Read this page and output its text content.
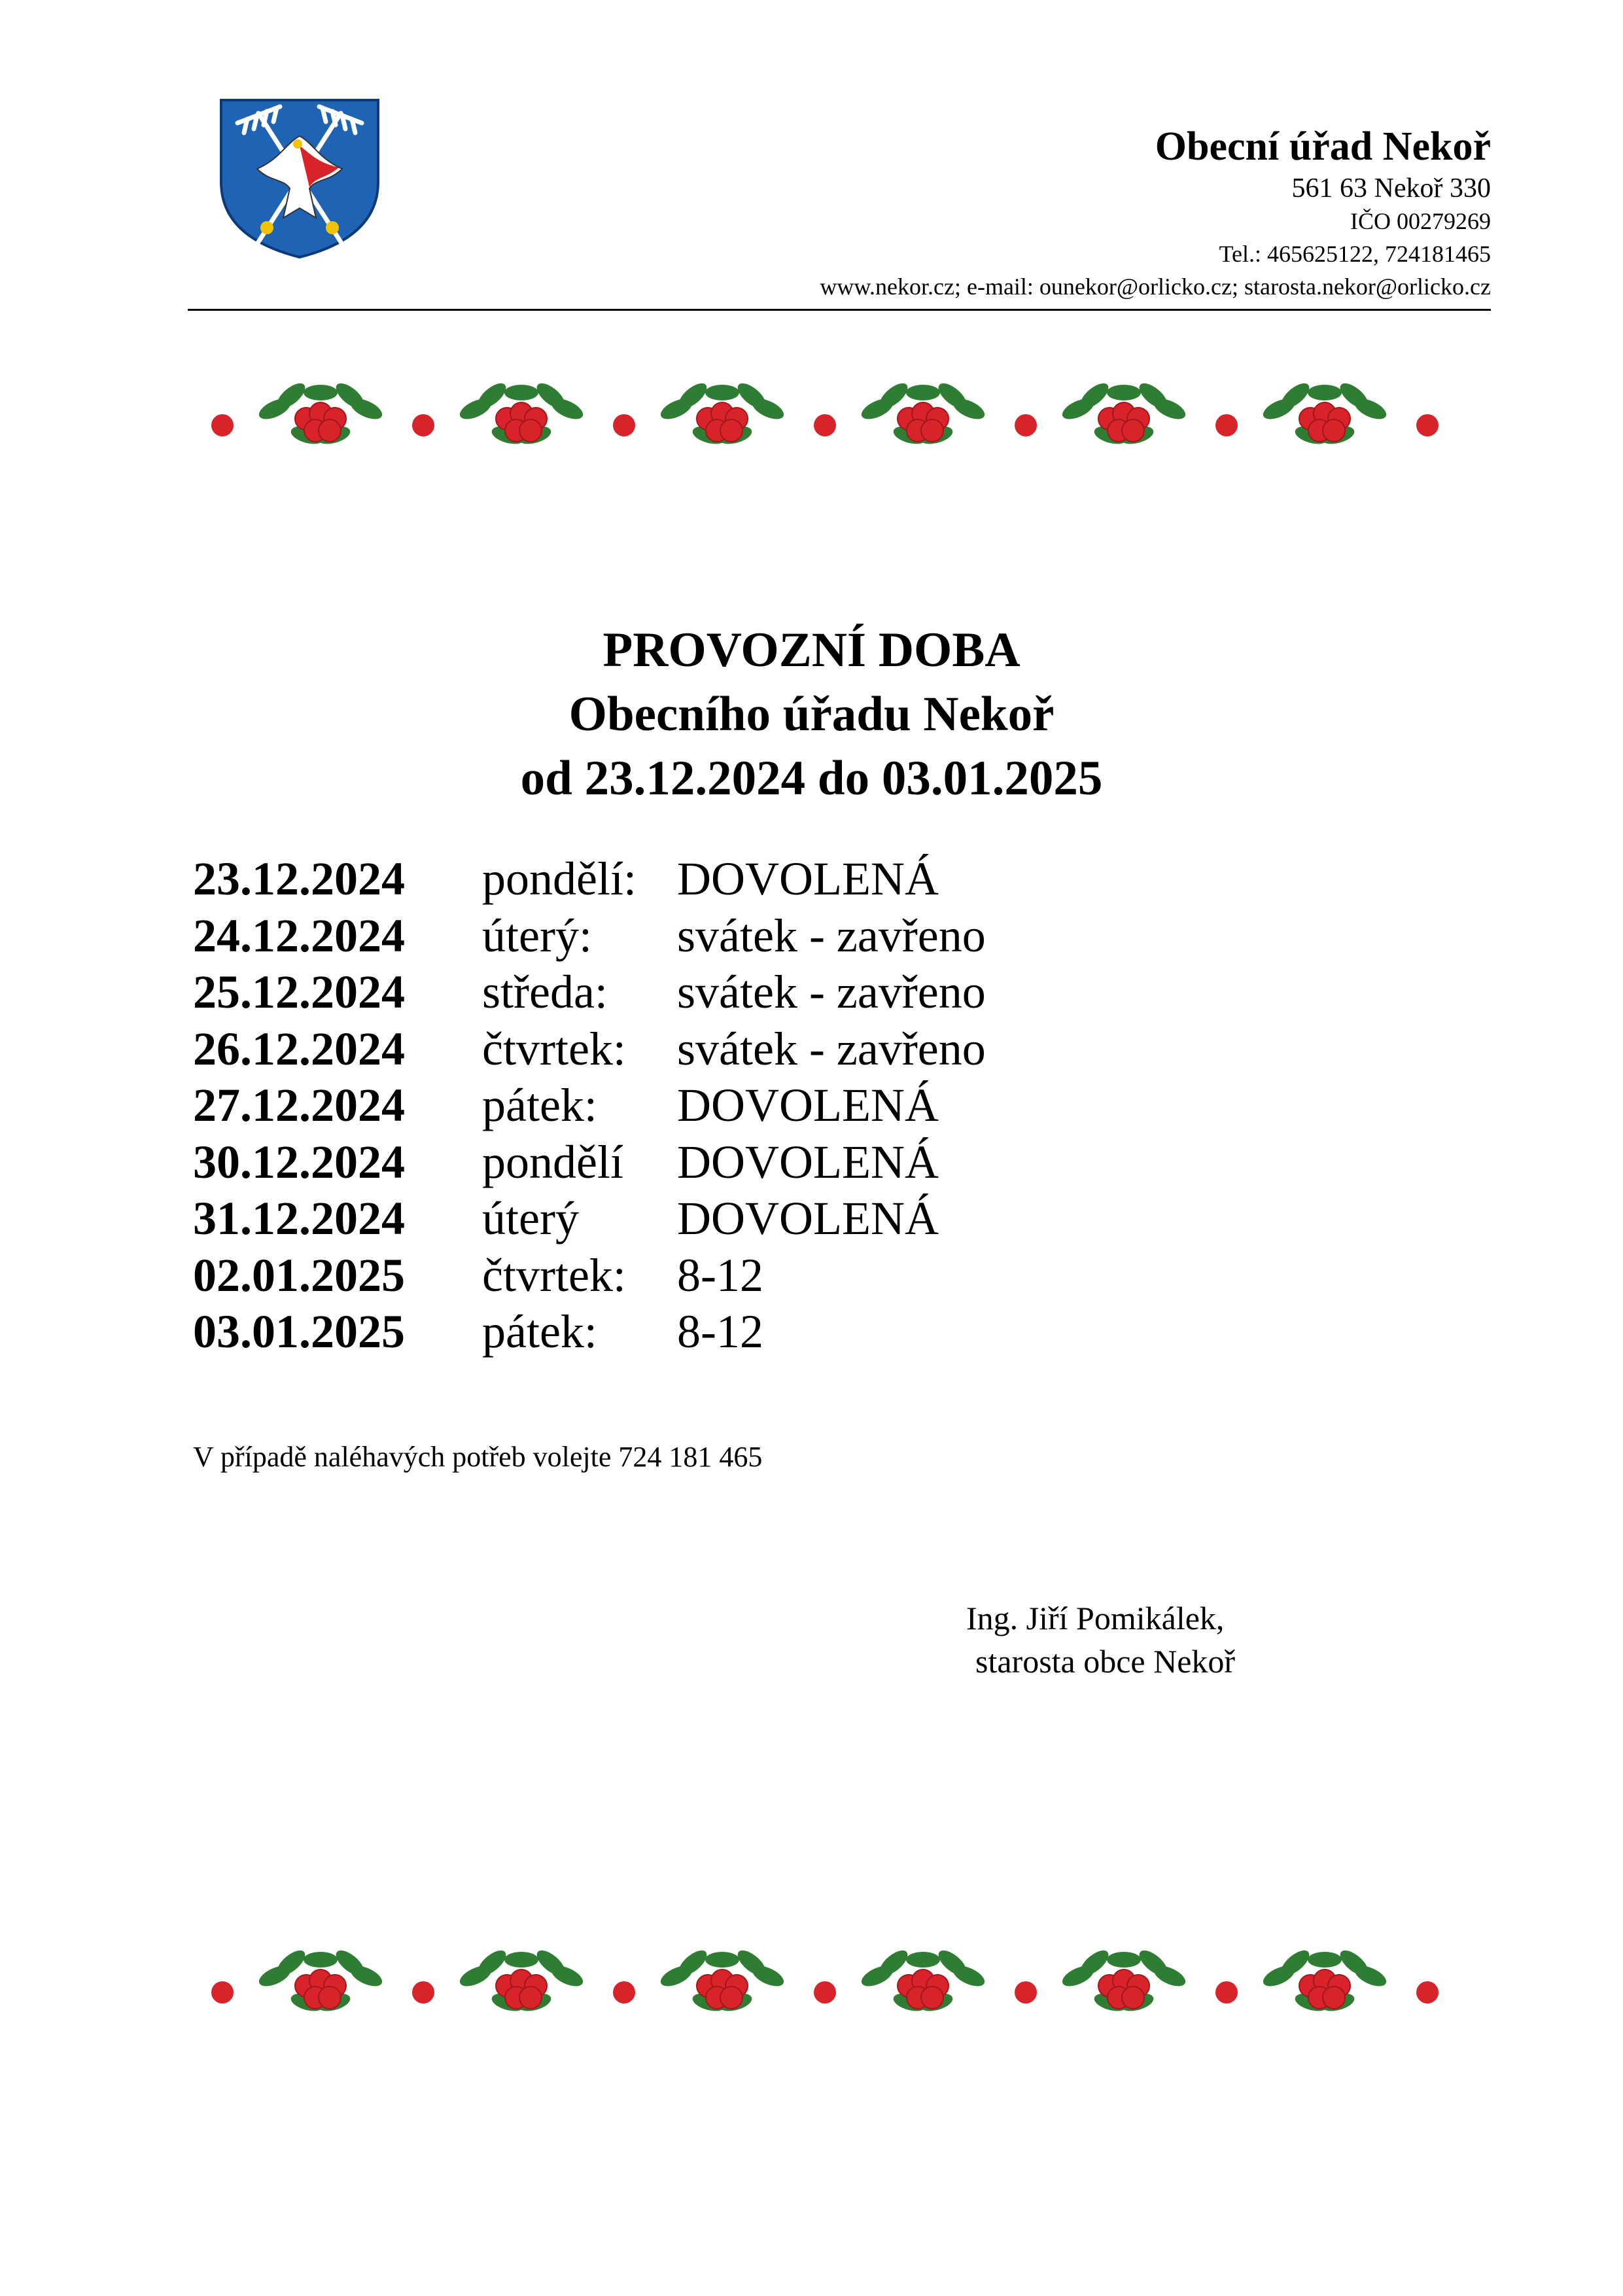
Obecní úřad Nekoř
561 63 Nekoř 330
IČO 00279269
Tel.: 465625122, 724181465
www.nekor.cz; e-mail: ounekor@orlicko.cz; starosta.nekor@orlicko.cz
PROVOZNÍ DOBA
Obecního úřadu Nekoř
od 23.12.2024 do 03.01.2025
23.12.2024 pondělí: DOVOLENÁ
24.12.2024 úterý: svátek - zavřeno
25.12.2024 středa: svátek - zavřeno
26.12.2024 čtvrtek: svátek - zavřeno
27.12.2024 pátek: DOVOLENÁ
30.12.2024 pondělí DOVOLENÁ
31.12.2024 úterý DOVOLENÁ
02.01.2025 čtvrtek: 8-12
03.01.2025 pátek: 8-12
V případě naléhavých potřeb volejte 724 181 465
Ing. Jiří Pomikálek,
starosta obce Nekoř
